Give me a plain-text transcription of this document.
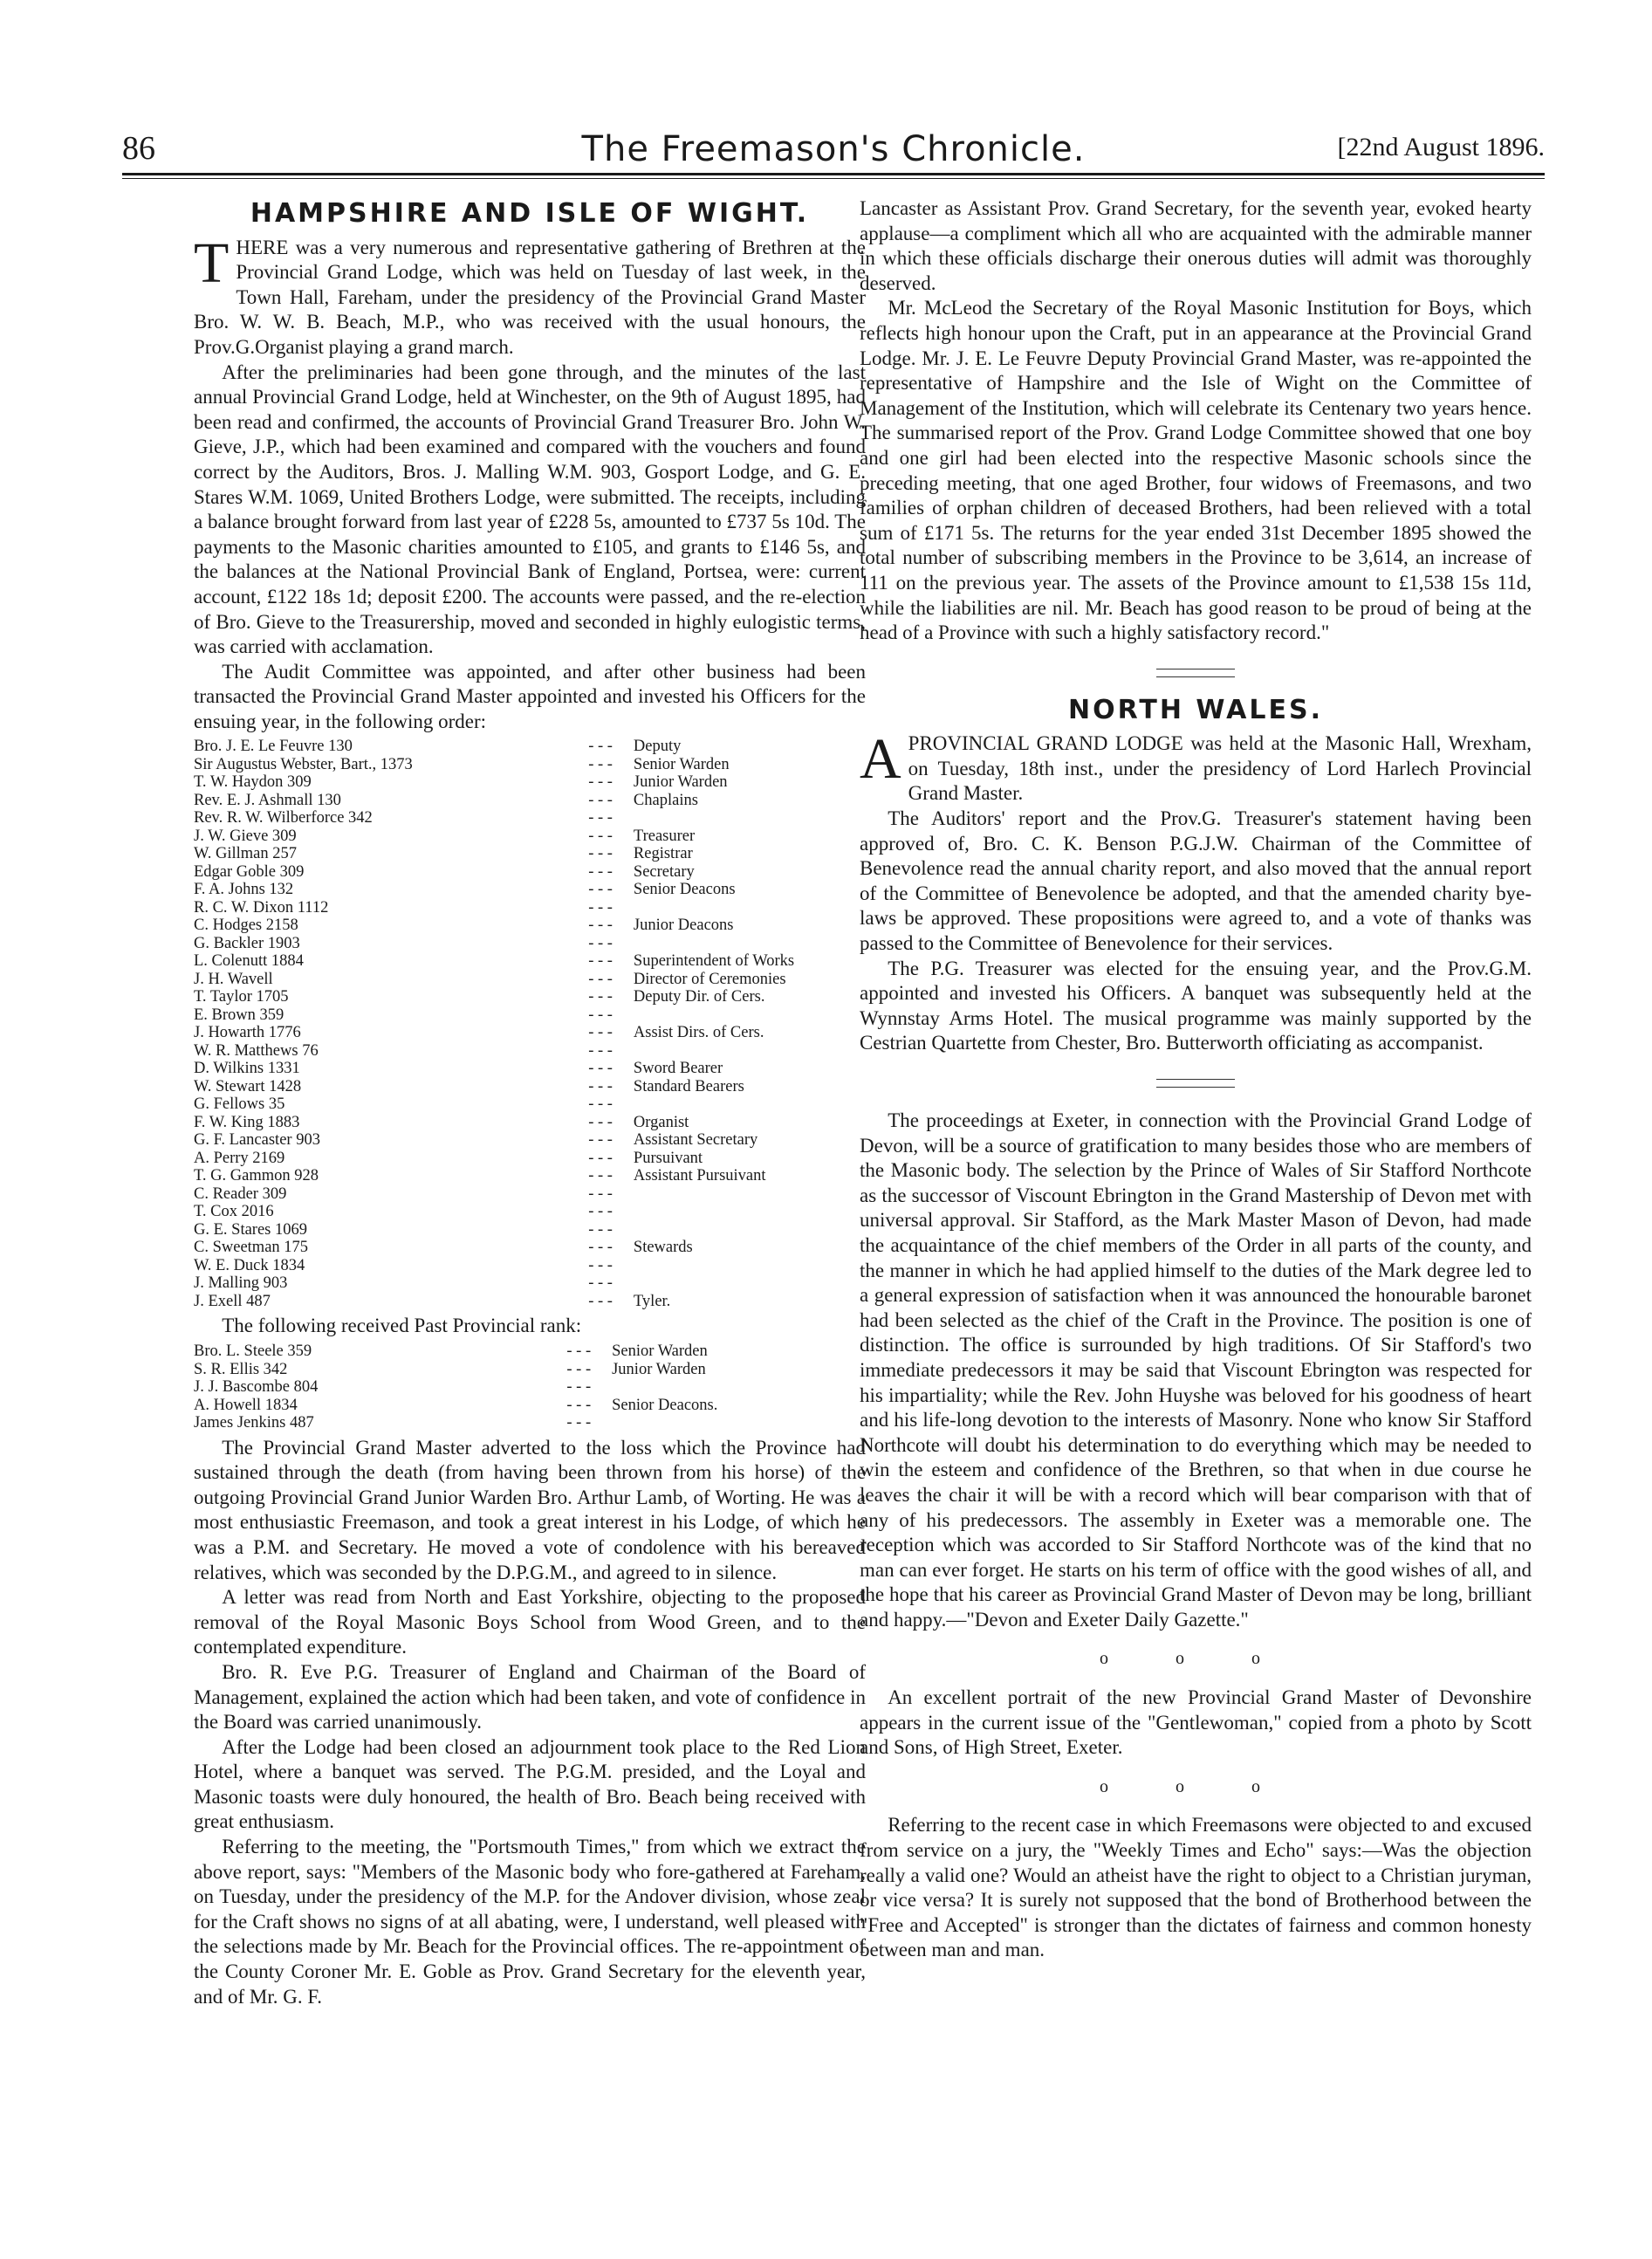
86	The Freemason's Chronicle.	[22nd August 1896.
HAMPSHIRE AND ISLE OF WIGHT.

THERE was a very numerous and representative gathering of Brethren at the Provincial Grand Lodge, which was held on Tuesday of last week, in the Town Hall, Fareham, under the presidency of the Provincial Grand Master Bro. W. W. B. Beach, M.P., who was received with the usual honours, the Prov.G.Organist playing a grand march.

After the preliminaries had been gone through, and the minutes of the last annual Provincial Grand Lodge, held at Winchester, on the 9th of August 1895, had been read and confirmed, the accounts of Provincial Grand Treasurer Bro. John W. Gieve, J.P., which had been examined and compared with the vouchers and found correct by the Auditors, Bros. J. Malling W.M. 903, Gosport Lodge, and G. E. Stares W.M. 1069, United Brothers Lodge, were submitted. The receipts, including a balance brought forward from last year of £228 5s, amounted to £737 5s 10d. The payments to the Masonic charities amounted to £105, and grants to £146 5s, and the balances at the National Provincial Bank of England, Portsea, were: current account, £122 18s 1d; deposit £200. The accounts were passed, and the re-election of Bro. Gieve to the Treasurership, moved and seconded in highly eulogistic terms, was carried with acclamation.

The Audit Committee was appointed, and after other business had been transacted the Provincial Grand Master appointed and invested his Officers for the ensuing year, in the following order:

Bro. J. E. Le Feuvre 130	- - -	Deputy
Sir Augustus Webster, Bart., 1373	- - -	Senior Warden
T. W. Haydon 309	- - -	Junior Warden
Rev. E. J. Ashmall 130	- - -	Chaplains
Rev. R. W. Wilberforce 342	- - -	
J. W. Gieve 309	- - -	Treasurer
W. Gillman 257	- - -	Registrar
Edgar Goble 309	- - -	Secretary
F. A. Johns 132	- - -	Senior Deacons
R. C. W. Dixon 1112	- - -	
C. Hodges 2158	- - -	Junior Deacons
G. Backler 1903	- - -	
L. Colenutt 1884	- - -	Superintendent of Works
J. H. Wavell	- - -	Director of Ceremonies
T. Taylor 1705	- - -	Deputy Dir. of Cers.
E. Brown 359	- - -	
J. Howarth 1776	- - -	Assist Dirs. of Cers.
W. R. Matthews 76	- - -	
D. Wilkins 1331	- - -	Sword Bearer
W. Stewart 1428	- - -	Standard Bearers
G. Fellows 35	- - -	
F. W. King 1883	- - -	Organist
G. F. Lancaster 903	- - -	Assistant Secretary
A. Perry 2169	- - -	Pursuivant
T. G. Gammon 928	- - -	Assistant Pursuivant
C. Reader 309	- - -	
T. Cox 2016	- - -	
G. E. Stares 1069	- - -	
C. Sweetman 175	- - -	Stewards
W. E. Duck 1834	- - -	
J. Malling 903	- - -	
J. Exell 487	- - -	Tyler.

The following received Past Provincial rank:

Bro. L. Steele 359	- - -	Senior Warden
S. R. Ellis 342	- - -	Junior Warden
J. J. Bascombe 804	- - -	
A. Howell 1834	- - -	Senior Deacons.
James Jenkins 487	- - -	

The Provincial Grand Master adverted to the loss which the Province had sustained through the death (from having been thrown from his horse) of the outgoing Provincial Grand Junior Warden Bro. Arthur Lamb, of Worting. He was a most enthusiastic Freemason, and took a great interest in his Lodge, of which he was a P.M. and Secretary. He moved a vote of condolence with his bereaved relatives, which was seconded by the D.P.G.M., and agreed to in silence.

A letter was read from North and East Yorkshire, objecting to the proposed removal of the Royal Masonic Boys School from Wood Green, and to the contemplated expenditure.

Bro. R. Eve P.G. Treasurer of England and Chairman of the Board of Management, explained the action which had been taken, and vote of confidence in the Board was carried unanimously.

After the Lodge had been closed an adjournment took place to the Red Lion Hotel, where a banquet was served. The P.G.M. presided, and the Loyal and Masonic toasts were duly honoured, the health of Bro. Beach being received with great enthusiasm.

Referring to the meeting, the "Portsmouth Times," from which we extract the above report, says: "Members of the Masonic body who fore-gathered at Fareham, on Tuesday, under the presidency of the M.P. for the Andover division, whose zeal for the Craft shows no signs of at all abating, were, I understand, well pleased with the selections made by Mr. Beach for the Provincial offices. The re-appointment of the County Coroner Mr. E. Goble as Prov. Grand Secretary for the eleventh year, and of Mr. G. F.

Lancaster as Assistant Prov. Grand Secretary, for the seventh year, evoked hearty applause—a compliment which all who are acquainted with the admirable manner in which these officials discharge their onerous duties will admit was thoroughly deserved.

Mr. McLeod the Secretary of the Royal Masonic Institution for Boys, which reflects high honour upon the Craft, put in an appearance at the Provincial Grand Lodge. Mr. J. E. Le Feuvre Deputy Provincial Grand Master, was re-appointed the representative of Hampshire and the Isle of Wight on the Committee of Management of the Institution, which will celebrate its Centenary two years hence. The summarised report of the Prov. Grand Lodge Committee showed that one boy and one girl had been elected into the respective Masonic schools since the preceding meeting, that one aged Brother, four widows of Freemasons, and two families of orphan children of deceased Brothers, had been relieved with a total sum of £171 5s. The returns for the year ended 31st December 1895 showed the total number of subscribing members in the Province to be 3,614, an increase of 111 on the previous year. The assets of the Province amount to £1,538 15s 11d, while the liabilities are nil. Mr. Beach has good reason to be proud of being at the head of a Province with such a highly satisfactory record."

NORTH WALES.

APROVINCIAL GRAND LODGE was held at the Masonic Hall, Wrexham, on Tuesday, 18th inst., under the presidency of Lord Harlech Provincial Grand Master.

The Auditors' report and the Prov.G. Treasurer's statement having been approved of, Bro. C. K. Benson P.G.J.W. Chairman of the Committee of Benevolence read the annual charity report, and also moved that the annual report of the Committee of Benevolence be adopted, and that the amended charity bye-laws be approved. These propositions were agreed to, and a vote of thanks was passed to the Committee of Benevolence for their services.

The P.G. Treasurer was elected for the ensuing year, and the Prov.G.M. appointed and invested his Officers. A banquet was subsequently held at the Wynnstay Arms Hotel. The musical programme was mainly supported by the Cestrian Quartette from Chester, Bro. Butterworth officiating as accompanist.

The proceedings at Exeter, in connection with the Provincial Grand Lodge of Devon, will be a source of gratification to many besides those who are members of the Masonic body. The selection by the Prince of Wales of Sir Stafford Northcote as the successor of Viscount Ebrington in the Grand Mastership of Devon met with universal approval. Sir Stafford, as the Mark Master Mason of Devon, had made the acquaintance of the chief members of the Order in all parts of the county, and the manner in which he had applied himself to the duties of the Mark degree led to a general expression of satisfaction when it was announced the honourable baronet had been selected as the chief of the Craft in the Province. The position is one of distinction. The office is surrounded by high traditions. Of Sir Stafford's two immediate predecessors it may be said that Viscount Ebrington was respected for his impartiality; while the Rev. John Huyshe was beloved for his goodness of heart and his life-long devotion to the interests of Masonry. None who know Sir Stafford Northcote will doubt his determination to do everything which may be needed to win the esteem and confidence of the Brethren, so that when in due course he leaves the chair it will be with a record which will bear comparison with that of any of his predecessors. The assembly in Exeter was a memorable one. The reception which was accorded to Sir Stafford Northcote was of the kind that no man can ever forget. He starts on his term of office with the good wishes of all, and the hope that his career as Provincial Grand Master of Devon may be long, brilliant and happy.—"Devon and Exeter Daily Gazette."

o o o

An excellent portrait of the new Provincial Grand Master of Devonshire appears in the current issue of the "Gentlewoman," copied from a photo by Scott and Sons, of High Street, Exeter.

o o o

Referring to the recent case in which Freemasons were objected to and excused from service on a jury, the "Weekly Times and Echo" says:—Was the objection really a valid one? Would an atheist have the right to object to a Christian juryman, or vice versa? It is surely not supposed that the bond of Brotherhood between the "Free and Accepted" is stronger than the dictates of fairness and common honesty between man and man.
